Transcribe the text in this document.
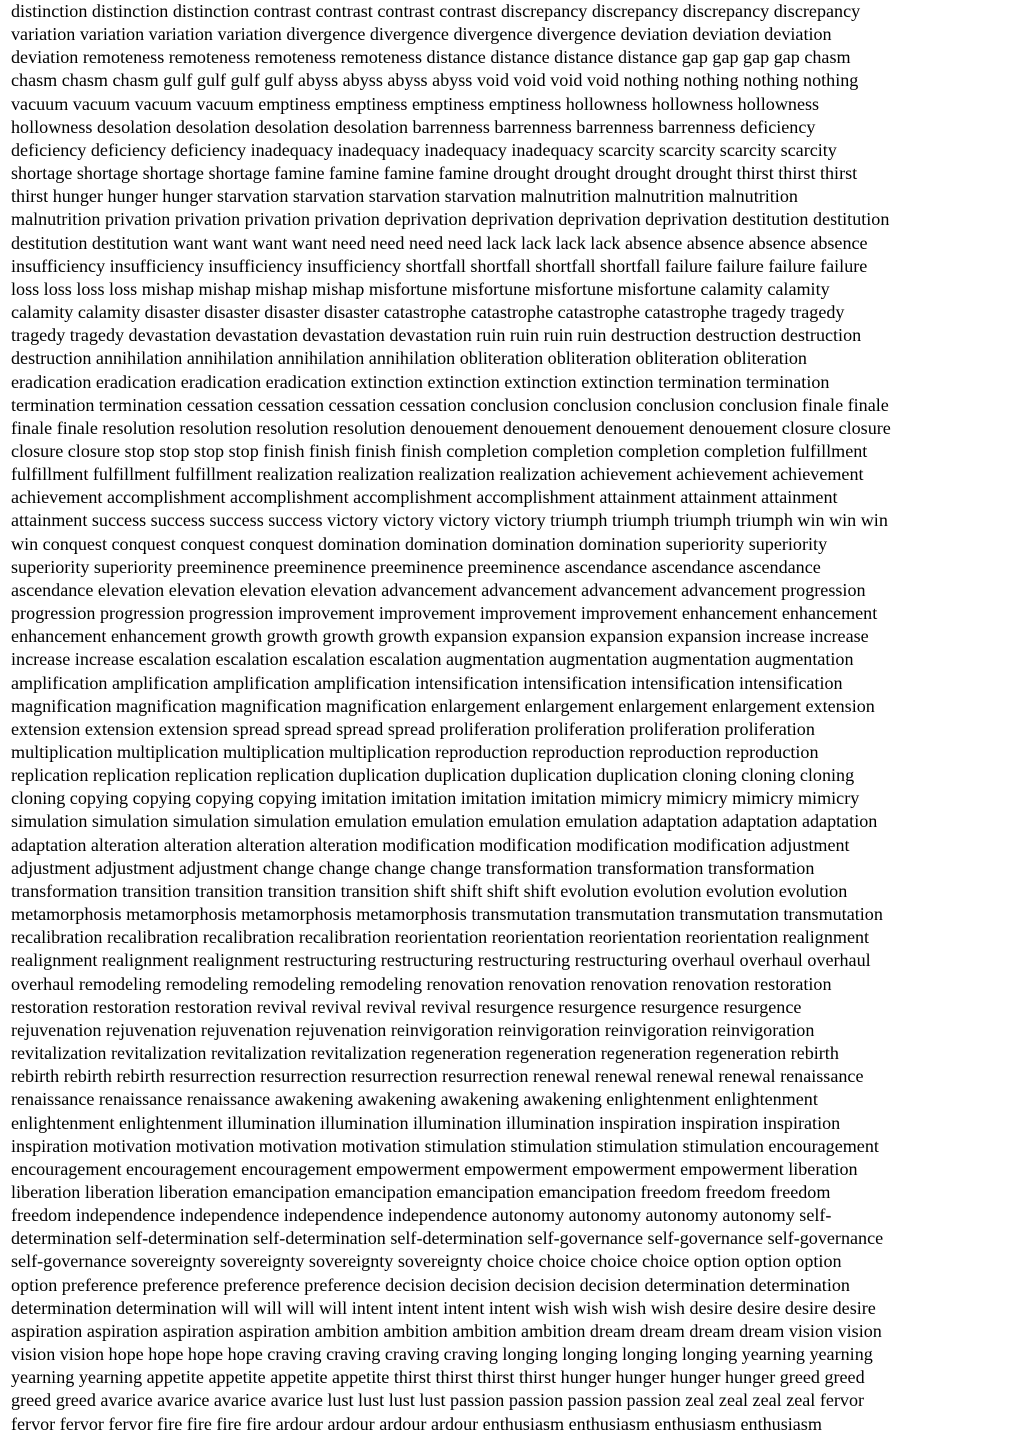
distinction distinction distinction contrast contrast contrast contrast discrepancy discrepancy discrepancy discrepancy
variation variation variation variation divergence divergence divergence divergence deviation deviation deviation
deviation remoteness remoteness remoteness remoteness distance distance distance distance gap gap gap gap chasm
chasm chasm chasm gulf gulf gulf gulf abyss abyss abyss abyss void void void void nothing nothing nothing nothing
vacuum vacuum vacuum vacuum emptiness emptiness emptiness emptiness hollowness hollowness hollowness
hollowness desolation desolation desolation desolation barrenness barrenness barrenness barrenness deficiency
deficiency deficiency deficiency inadequacy inadequacy inadequacy inadequacy scarcity scarcity scarcity scarcity
shortage shortage shortage shortage famine famine famine famine drought drought drought drought thirst thirst thirst
thirst hunger hunger hunger starvation starvation starvation starvation malnutrition malnutrition malnutrition
malnutrition privation privation privation privation deprivation deprivation deprivation deprivation destitution destitution
destitution destitution want want want want need need need need lack lack lack lack absence absence absence absence
insufficiency insufficiency insufficiency insufficiency shortfall shortfall shortfall shortfall failure failure failure failure
loss loss loss loss mishap mishap mishap mishap misfortune misfortune misfortune misfortune calamity calamity
calamity calamity disaster disaster disaster disaster catastrophe catastrophe catastrophe catastrophe tragedy tragedy
tragedy tragedy devastation devastation devastation devastation ruin ruin ruin ruin destruction destruction destruction
destruction annihilation annihilation annihilation annihilation obliteration obliteration obliteration obliteration
eradication eradication eradication eradication extinction extinction extinction extinction termination termination
termination termination cessation cessation cessation cessation conclusion conclusion conclusion conclusion finale finale
finale finale resolution resolution resolution resolution denouement denouement denouement denouement closure closure
closure closure stop stop stop stop finish finish finish finish completion completion completion completion fulfillment
fulfillment fulfillment fulfillment realization realization realization realization achievement achievement achievement
achievement accomplishment accomplishment accomplishment accomplishment attainment attainment attainment
attainment success success success success victory victory victory victory triumph triumph triumph triumph win win win
win conquest conquest conquest conquest domination domination domination domination superiority superiority
superiority superiority preeminence preeminence preeminence preeminence ascendance ascendance ascendance
ascendance elevation elevation elevation elevation advancement advancement advancement advancement progression
progression progression progression improvement improvement improvement improvement enhancement enhancement
enhancement enhancement growth growth growth growth expansion expansion expansion expansion increase increase
increase increase escalation escalation escalation escalation augmentation augmentation augmentation augmentation
amplification amplification amplification amplification intensification intensification intensification intensification
magnification magnification magnification magnification enlargement enlargement enlargement enlargement extension
extension extension extension spread spread spread spread proliferation proliferation proliferation proliferation
multiplication multiplication multiplication multiplication reproduction reproduction reproduction reproduction
replication replication replication replication duplication duplication duplication duplication cloning cloning cloning
cloning copying copying copying copying imitation imitation imitation imitation mimicry mimicry mimicry mimicry
simulation simulation simulation simulation emulation emulation emulation emulation adaptation adaptation adaptation
adaptation alteration alteration alteration alteration modification modification modification modification adjustment
adjustment adjustment adjustment change change change change transformation transformation transformation
transformation transition transition transition transition shift shift shift shift evolution evolution evolution evolution
metamorphosis metamorphosis metamorphosis metamorphosis transmutation transmutation transmutation transmutation
recalibration recalibration recalibration recalibration reorientation reorientation reorientation reorientation realignment
realignment realignment realignment restructuring restructuring restructuring restructuring overhaul overhaul overhaul
overhaul remodeling remodeling remodeling remodeling renovation renovation renovation renovation restoration
restoration restoration restoration revival revival revival revival resurgence resurgence resurgence resurgence
rejuvenation rejuvenation rejuvenation rejuvenation reinvigoration reinvigoration reinvigoration reinvigoration
revitalization revitalization revitalization revitalization regeneration regeneration regeneration regeneration rebirth
rebirth rebirth rebirth resurrection resurrection resurrection resurrection renewal renewal renewal renewal renaissance
renaissance renaissance renaissance awakening awakening awakening awakening enlightenment enlightenment
enlightenment enlightenment illumination illumination illumination illumination inspiration inspiration inspiration
inspiration motivation motivation motivation motivation stimulation stimulation stimulation stimulation encouragement
encouragement encouragement encouragement empowerment empowerment empowerment empowerment liberation
liberation liberation liberation emancipation emancipation emancipation emancipation freedom freedom freedom
freedom independence independence independence independence autonomy autonomy autonomy autonomy self-
determination self-determination self-determination self-determination self-governance self-governance self-governance
self-governance sovereignty sovereignty sovereignty sovereignty choice choice choice choice option option option
option preference preference preference preference decision decision decision decision determination determination
determination determination will will will will intent intent intent intent wish wish wish wish desire desire desire desire
aspiration aspiration aspiration aspiration ambition ambition ambition ambition dream dream dream dream vision vision
vision vision hope hope hope hope craving craving craving craving longing longing longing longing yearning yearning
yearning yearning appetite appetite appetite appetite thirst thirst thirst thirst hunger hunger hunger hunger greed greed
greed greed avarice avarice avarice avarice lust lust lust lust passion passion passion passion zeal zeal zeal zeal fervor
fervor fervor fervor fire fire fire fire ardour ardour ardour ardour enthusiasm enthusiasm enthusiasm enthusiasm
